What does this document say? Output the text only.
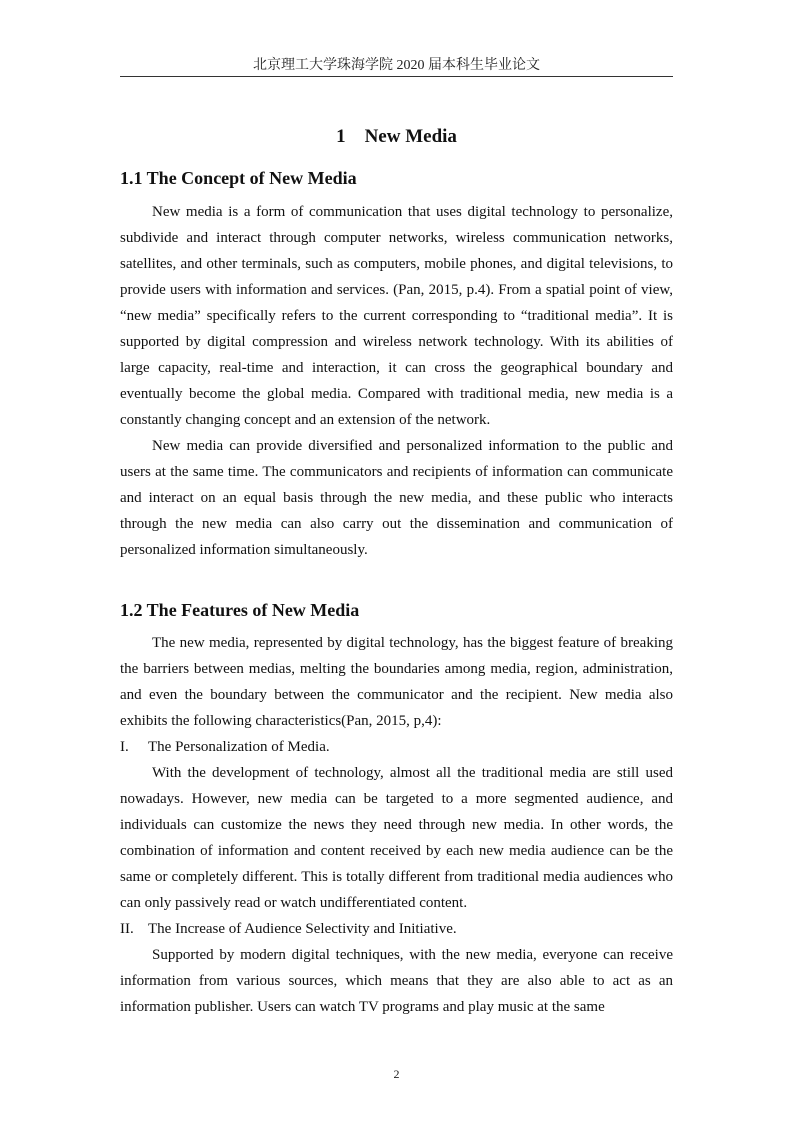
北京理工大学珠海学院 2020 届本科生毕业论文
1    New Media
1.1 The Concept of New Media

New media is a form of communication that uses digital technology to personalize, subdivide and interact through computer networks, wireless communication networks, satellites, and other terminals, such as computers, mobile phones, and digital televisions, to provide users with information and services. (Pan, 2015, p.4). From a spatial point of view, “new media” specifically refers to the current corresponding to “traditional media”. It is supported by digital compression and wireless network technology. With its abilities of large capacity, real-time and interaction, it can cross the geographical boundary and eventually become the global media. Compared with traditional media, new media is a constantly changing concept and an extension of the network.

New media can provide diversified and personalized information to the public and users at the same time. The communicators and recipients of information can communicate and interact on an equal basis through the new media, and these public who interacts through the new media can also carry out the dissemination and communication of personalized information simultaneously.

1.2 The Features of New Media

The new media, represented by digital technology, has the biggest feature of breaking the barriers between medias, melting the boundaries among media, region, administration, and even the boundary between the communicator and the recipient. New media also exhibits the following characteristics(Pan, 2015, p,4):

I. The Personalization of Media.

With the development of technology, almost all the traditional media are still used nowadays. However, new media can be targeted to a more segmented audience, and individuals can customize the news they need through new media. In other words, the combination of information and content received by each new media audience can be the same or completely different. This is totally different from traditional media audiences who can only passively read or watch undifferentiated content.

II. The Increase of Audience Selectivity and Initiative.

Supported by modern digital techniques, with the new media, everyone can receive information from various sources, which means that they are also able to act as an information publisher. Users can watch TV programs and play music at the same

2
